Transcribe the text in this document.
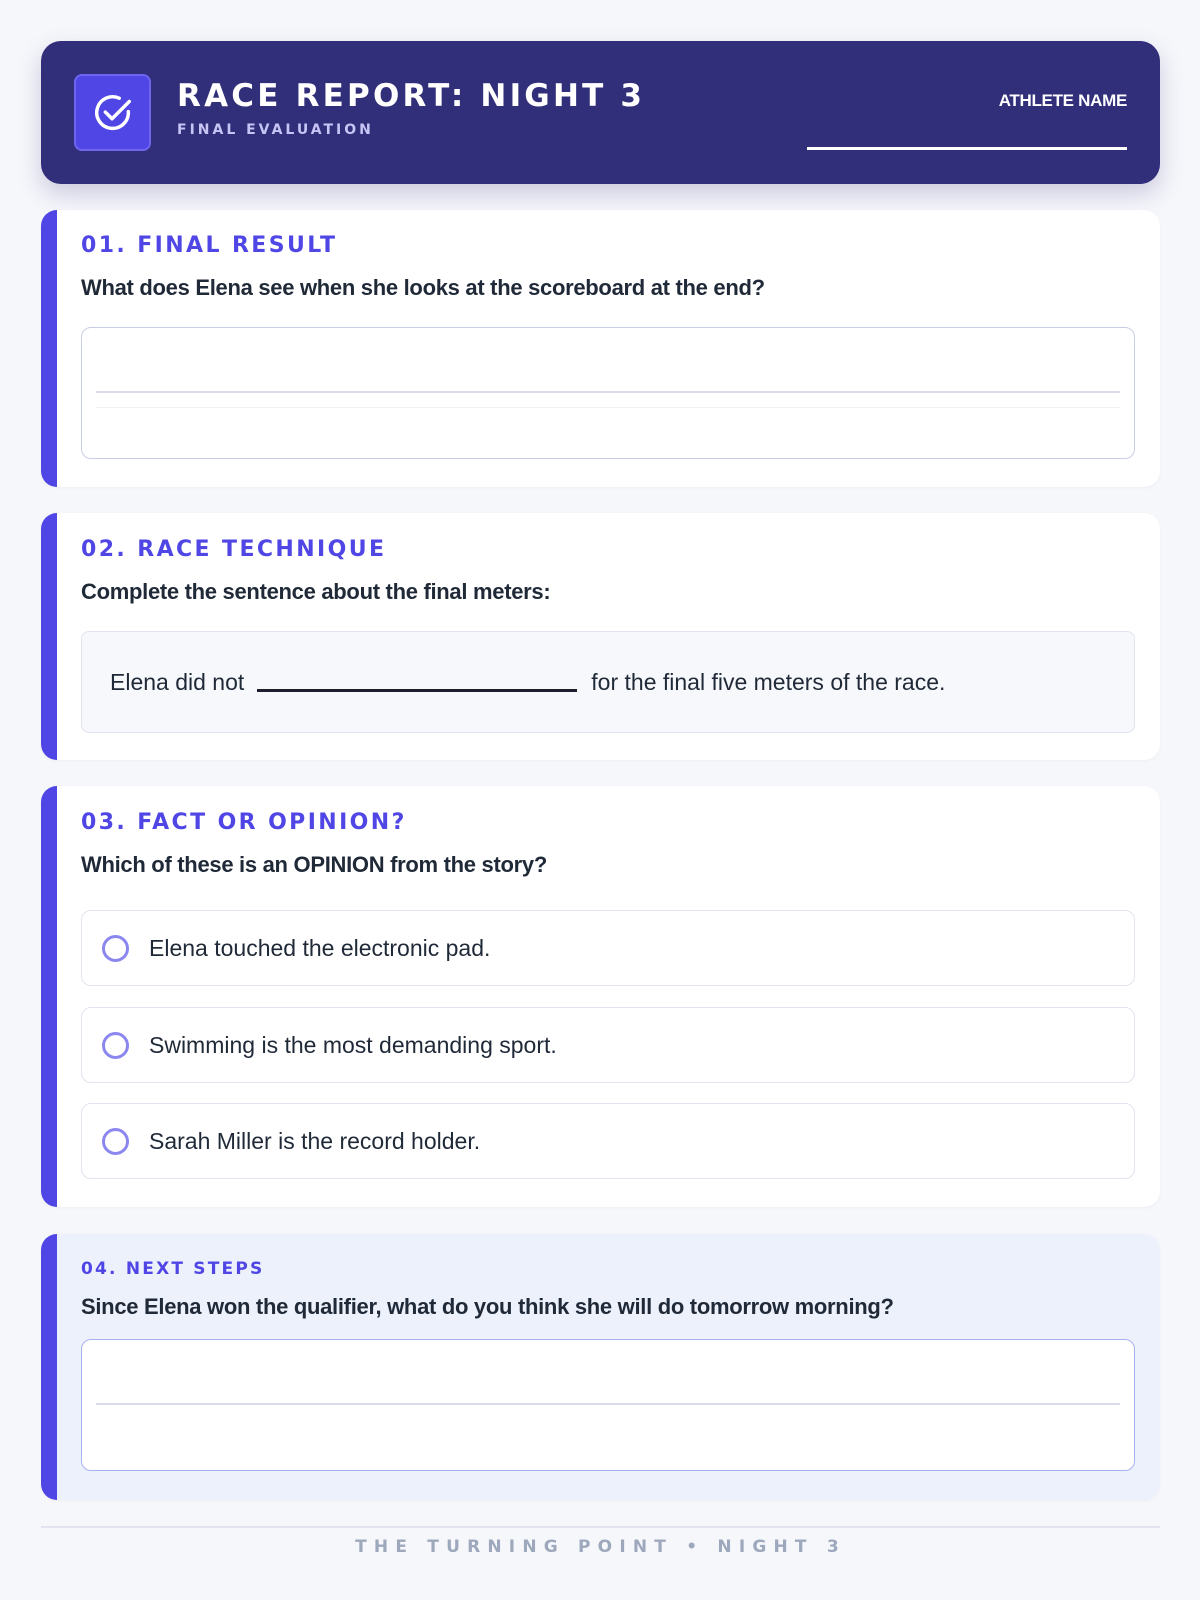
RACE REPORT: NIGHT 3
FINAL EVALUATION
ATHLETE NAME
01. FINAL RESULT
What does Elena see when she looks at the scoreboard at the end?
02. RACE TECHNIQUE
Complete the sentence about the final meters:
Elena did not	for the final five meters of the race.
03. FACT OR OPINION?
Which of these is an OPINION from the story?
Elena touched the electronic pad.
Swimming is the most demanding sport.
Sarah Miller is the record holder.
04. NEXT STEPS
Since Elena won the qualifier, what do you think she will do tomorrow morning?
THE TURNING POINT • NIGHT 3
